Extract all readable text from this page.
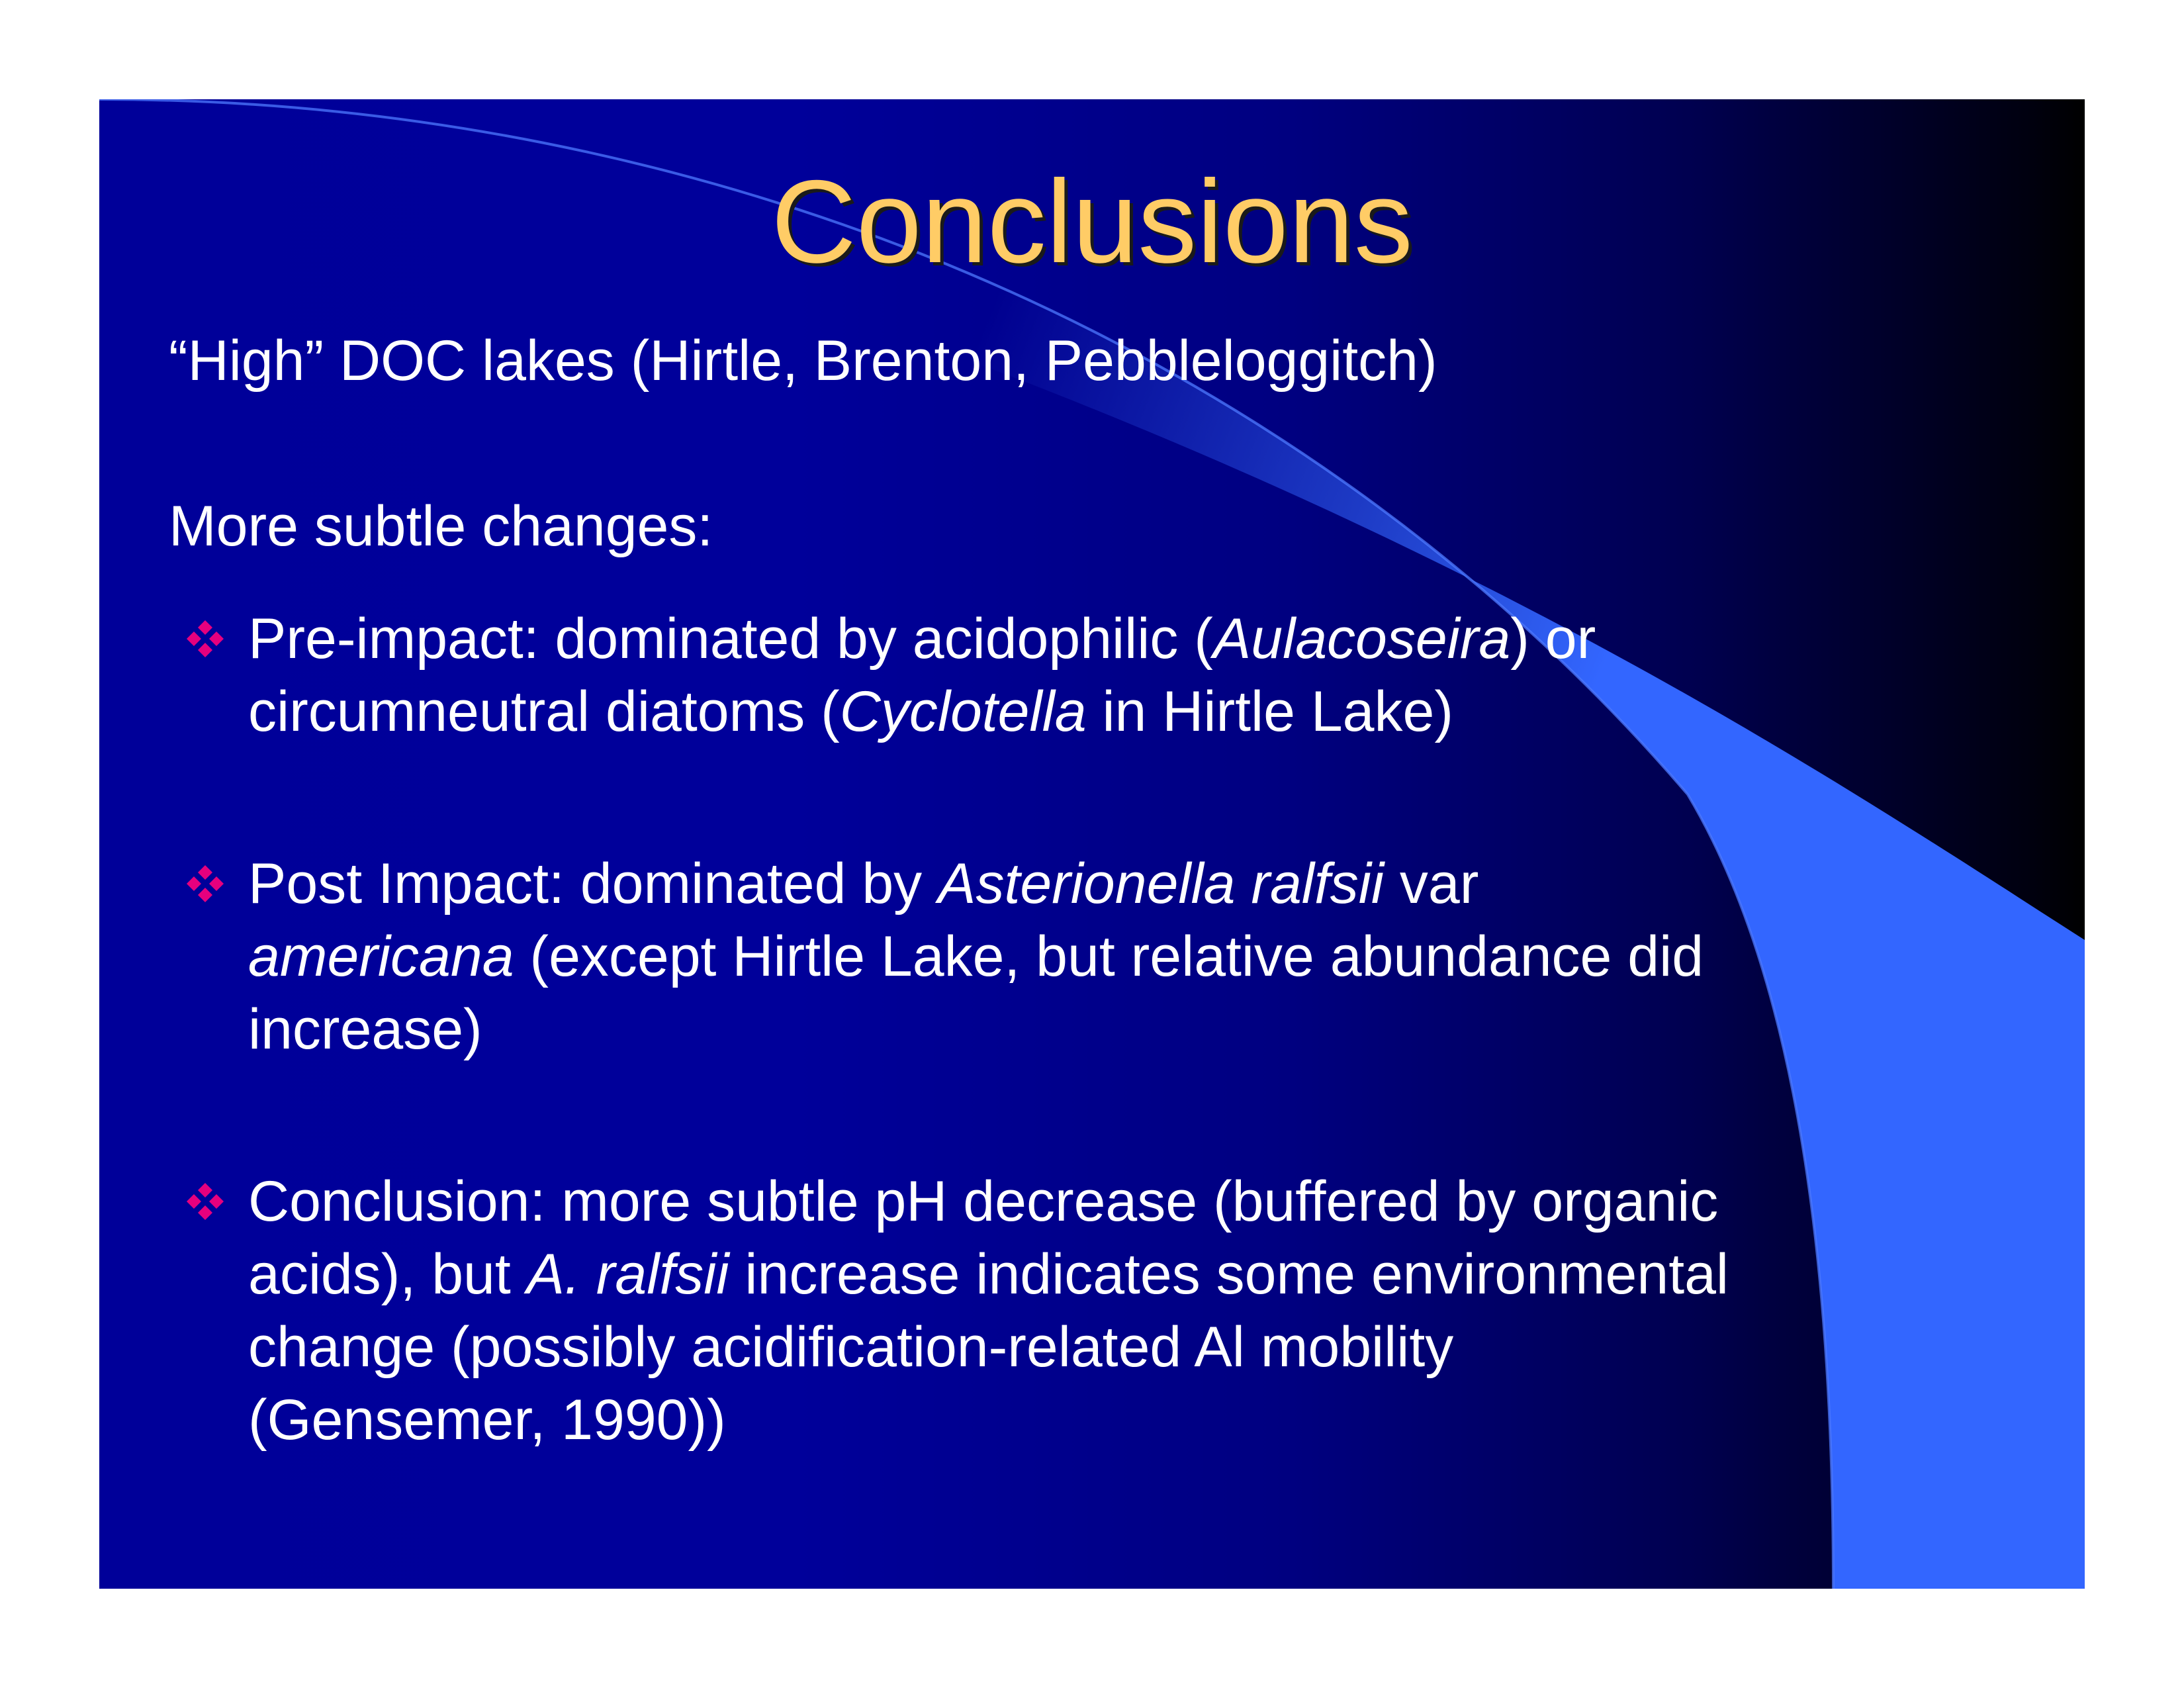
Conclusions
“High” DOC lakes (Hirtle, Brenton, Pebbleloggitch)
More subtle changes:
Pre-impact: dominated by acidophilic (Aulacoseira) or
circumneutral diatoms (Cyclotella in Hirtle Lake)
Post Impact: dominated by Asterionella ralfsii var
americana (except Hirtle Lake, but relative abundance did
increase)
Conclusion: more subtle pH decrease (buffered by organic
acids), but A. ralfsii increase indicates some environmental
change (possibly acidification-related Al mobility
(Gensemer, 1990))
